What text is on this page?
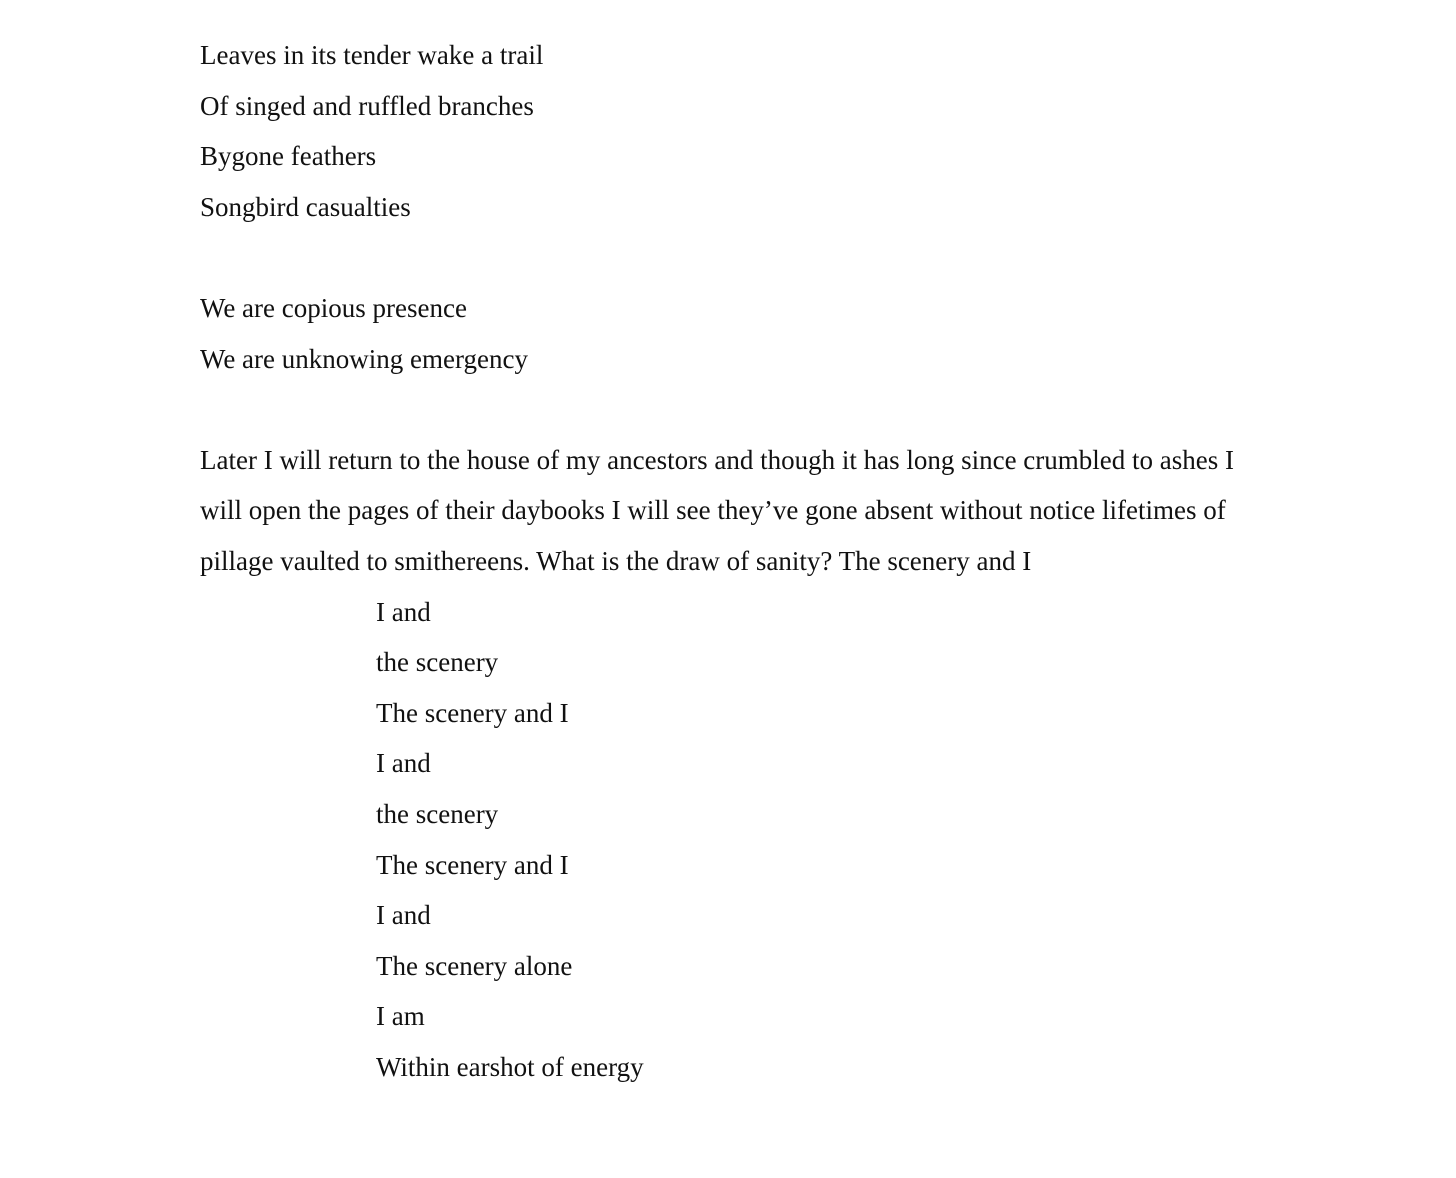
Leaves in its tender wake a trail
Of singed and ruffled branches
Bygone feathers
Songbird casualties
We are copious presence
We are unknowing emergency

Later I will return to the house of my ancestors and though it has long since crumbled to ashes I will open the pages of their daybooks I will see they’ve gone absent without notice lifetimes of pillage vaulted to smithereens. What is the draw of sanity? The scenery and I

I and
the scenery
The scenery and I
I and
the scenery
The scenery and I
I and
The scenery alone
I am
Within earshot of energy
